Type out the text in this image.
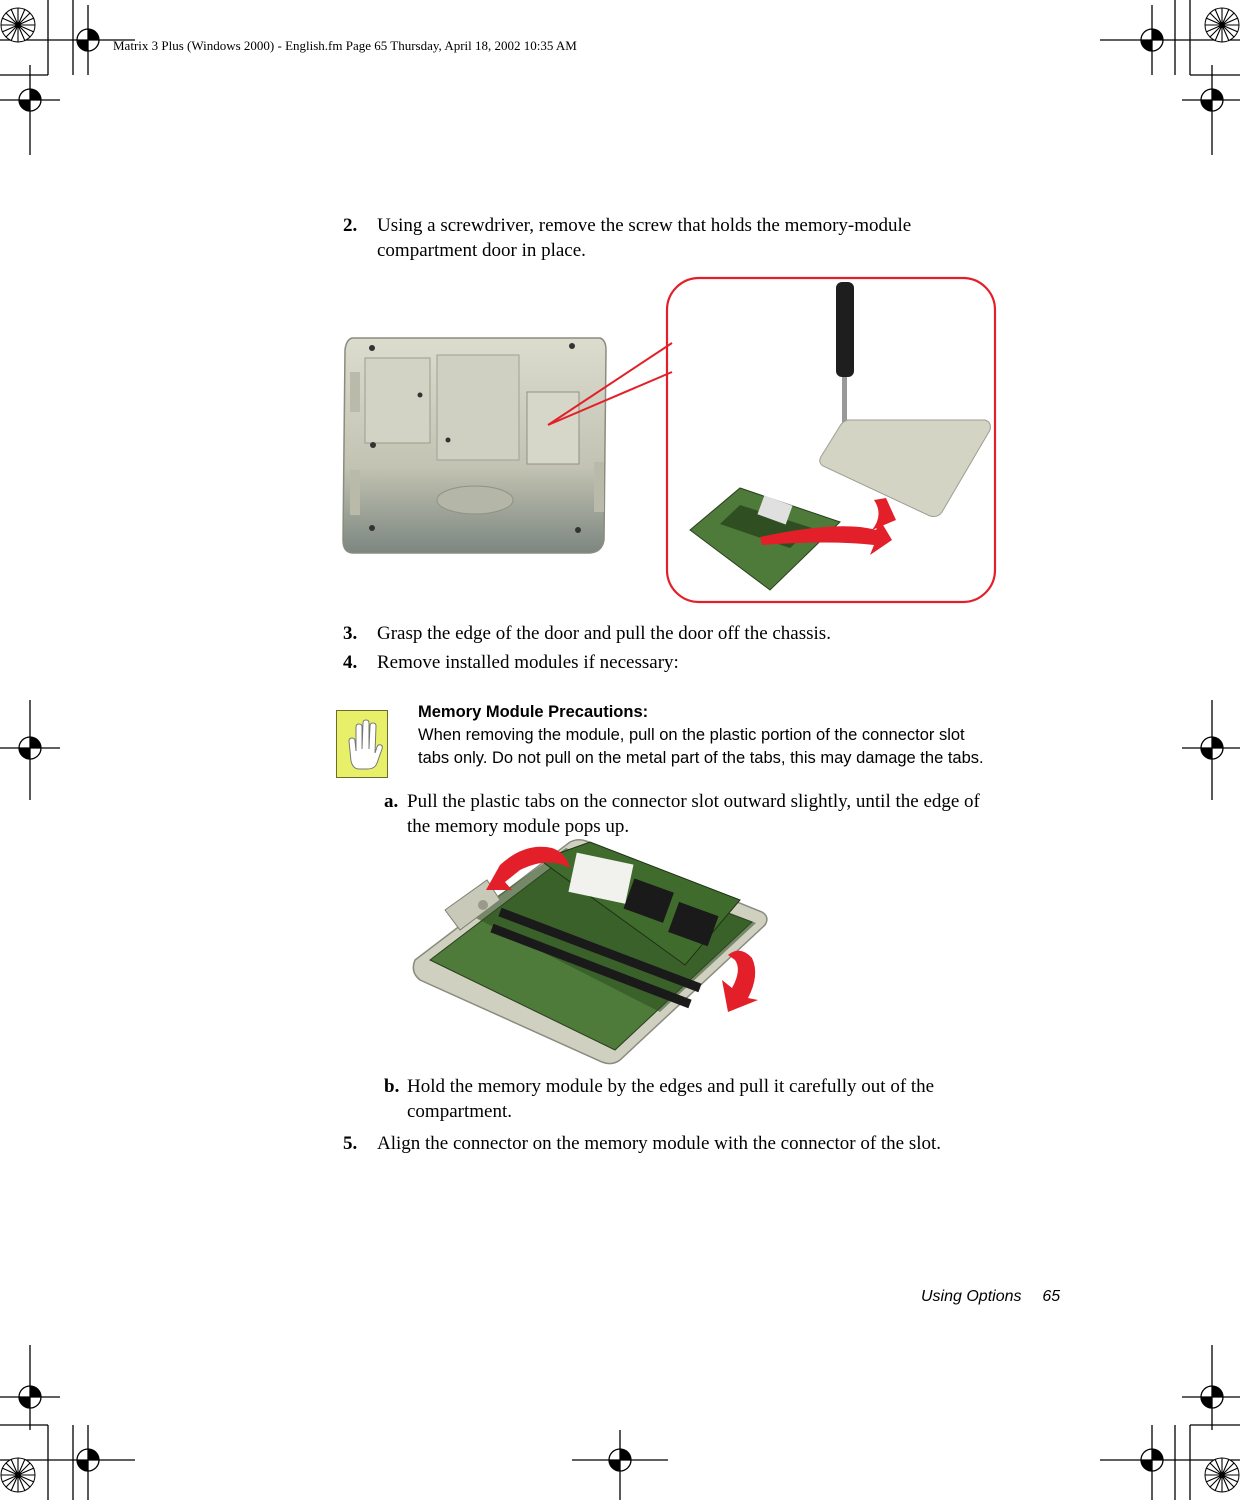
Matrix 3 Plus (Windows 2000) - English.fm Page 65 Thursday, April 18, 2002 10:35 AM
2. Using a screwdriver, remove the screw that holds the memory-module
compartment door in place.
3. Grasp the edge of the door and pull the door off the chassis.
4. Remove installed modules if necessary:
Memory Module Precautions:
When removing the module, pull on the plastic portion of the connector slot
tabs only. Do not pull on the metal part of the tabs, this may damage the tabs.
a. Pull the plastic tabs on the connector slot outward slightly, until the edge of
the memory module pops up.
b. Hold the memory module by the edges and pull it carefully out of the
compartment.
5. Align the connector on the memory module with the connector of the slot.
Using Options 65
